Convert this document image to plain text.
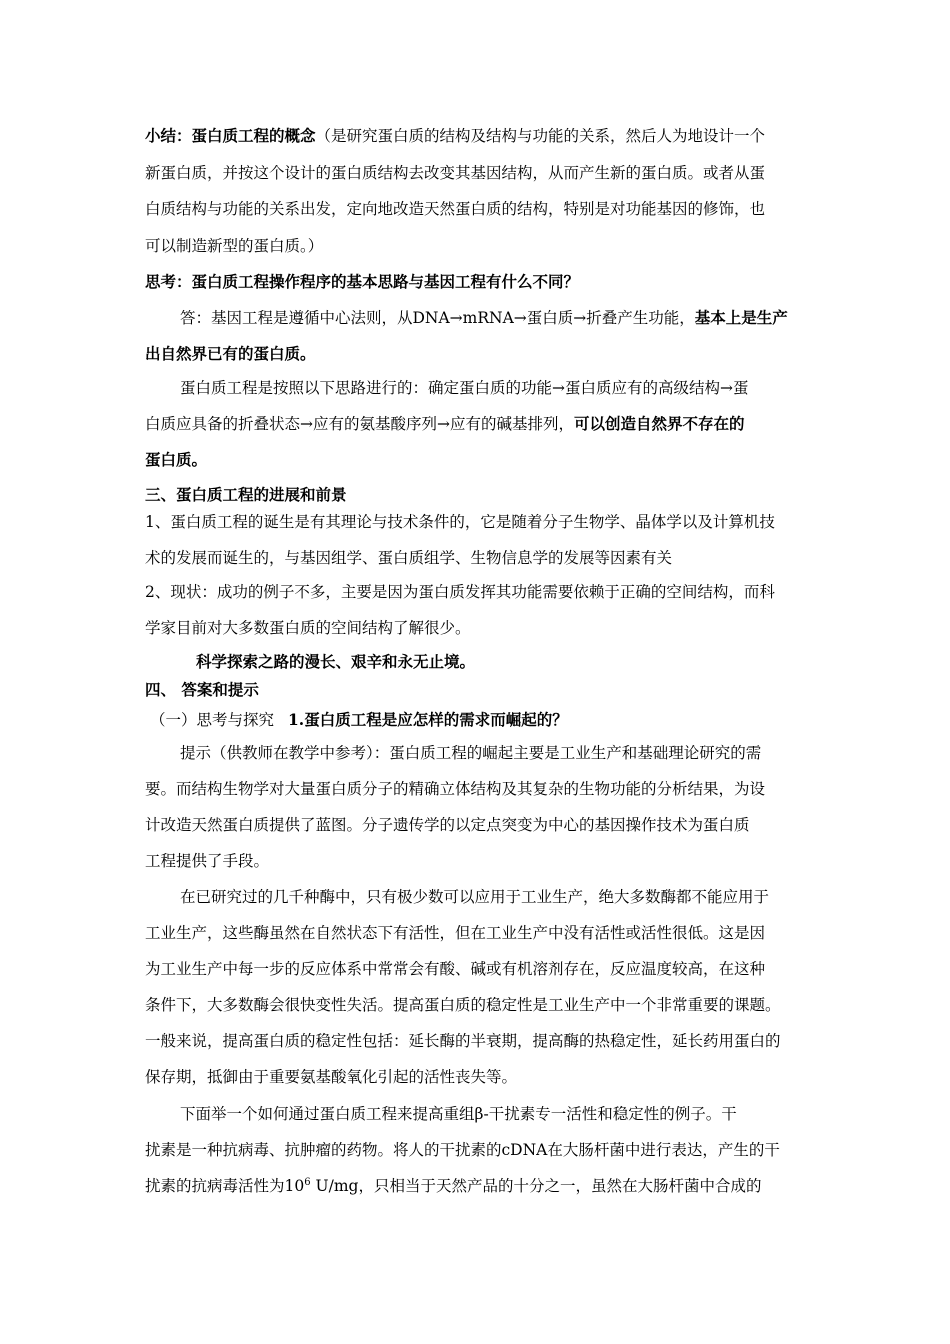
小结：蛋白质工程的概念（是研究蛋白质的结构及结构与功能的关系，然后人为地设计一个
新蛋白质，并按这个设计的蛋白质结构去改变其基因结构，从而产生新的蛋白质。或者从蛋
白质结构与功能的关系出发，定向地改造天然蛋白质的结构，特别是对功能基因的修饰，也
可以制造新型的蛋白质。）
思考：蛋白质工程操作程序的基本思路与基因工程有什么不同？
答：基因工程是遵循中心法则，从DNA→mRNA→蛋白质→折叠产生功能，基本上是生产
出自然界已有的蛋白质。
蛋白质工程是按照以下思路进行的：确定蛋白质的功能→蛋白质应有的高级结构→蛋
白质应具备的折叠状态→应有的氨基酸序列→应有的碱基排列，可以创造自然界不存在的
蛋白质。
三、蛋白质工程的进展和前景
1、蛋白质工程的诞生是有其理论与技术条件的，它是随着分子生物学、晶体学以及计算机技
术的发展而诞生的，与基因组学、蛋白质组学、生物信息学的发展等因素有关
2、现状：成功的例子不多，主要是因为蛋白质发挥其功能需要依赖于正确的空间结构，而科
学家目前对大多数蛋白质的空间结构了解很少。
科学探索之路的漫长、艰辛和永无止境。
四、 答案和提示
（一）思考与探究 1.蛋白质工程是应怎样的需求而崛起的？
提示（供教师在教学中参考）：蛋白质工程的崛起主要是工业生产和基础理论研究的需
要。而结构生物学对大量蛋白质分子的精确立体结构及其复杂的生物功能的分析结果，为设
计改造天然蛋白质提供了蓝图。分子遗传学的以定点突变为中心的基因操作技术为蛋白质
工程提供了手段。
在已研究过的几千种酶中，只有极少数可以应用于工业生产，绝大多数酶都不能应用于
工业生产，这些酶虽然在自然状态下有活性，但在工业生产中没有活性或活性很低。这是因
为工业生产中每一步的反应体系中常常会有酸、碱或有机溶剂存在，反应温度较高，在这种
条件下，大多数酶会很快变性失活。提高蛋白质的稳定性是工业生产中一个非常重要的课题。
一般来说，提高蛋白质的稳定性包括：延长酶的半衰期，提高酶的热稳定性，延长药用蛋白的
保存期，抵御由于重要氨基酸氧化引起的活性丧失等。
下面举一个如何通过蛋白质工程来提高重组β-干扰素专一活性和稳定性的例子。干
扰素是一种抗病毒、抗肿瘤的药物。将人的干扰素的cDNA在大肠杆菌中进行表达，产生的干
扰素的抗病毒活性为$10^6$ U/mg，只相当于天然产品的十分之一，虽然在大肠杆菌中合成的
